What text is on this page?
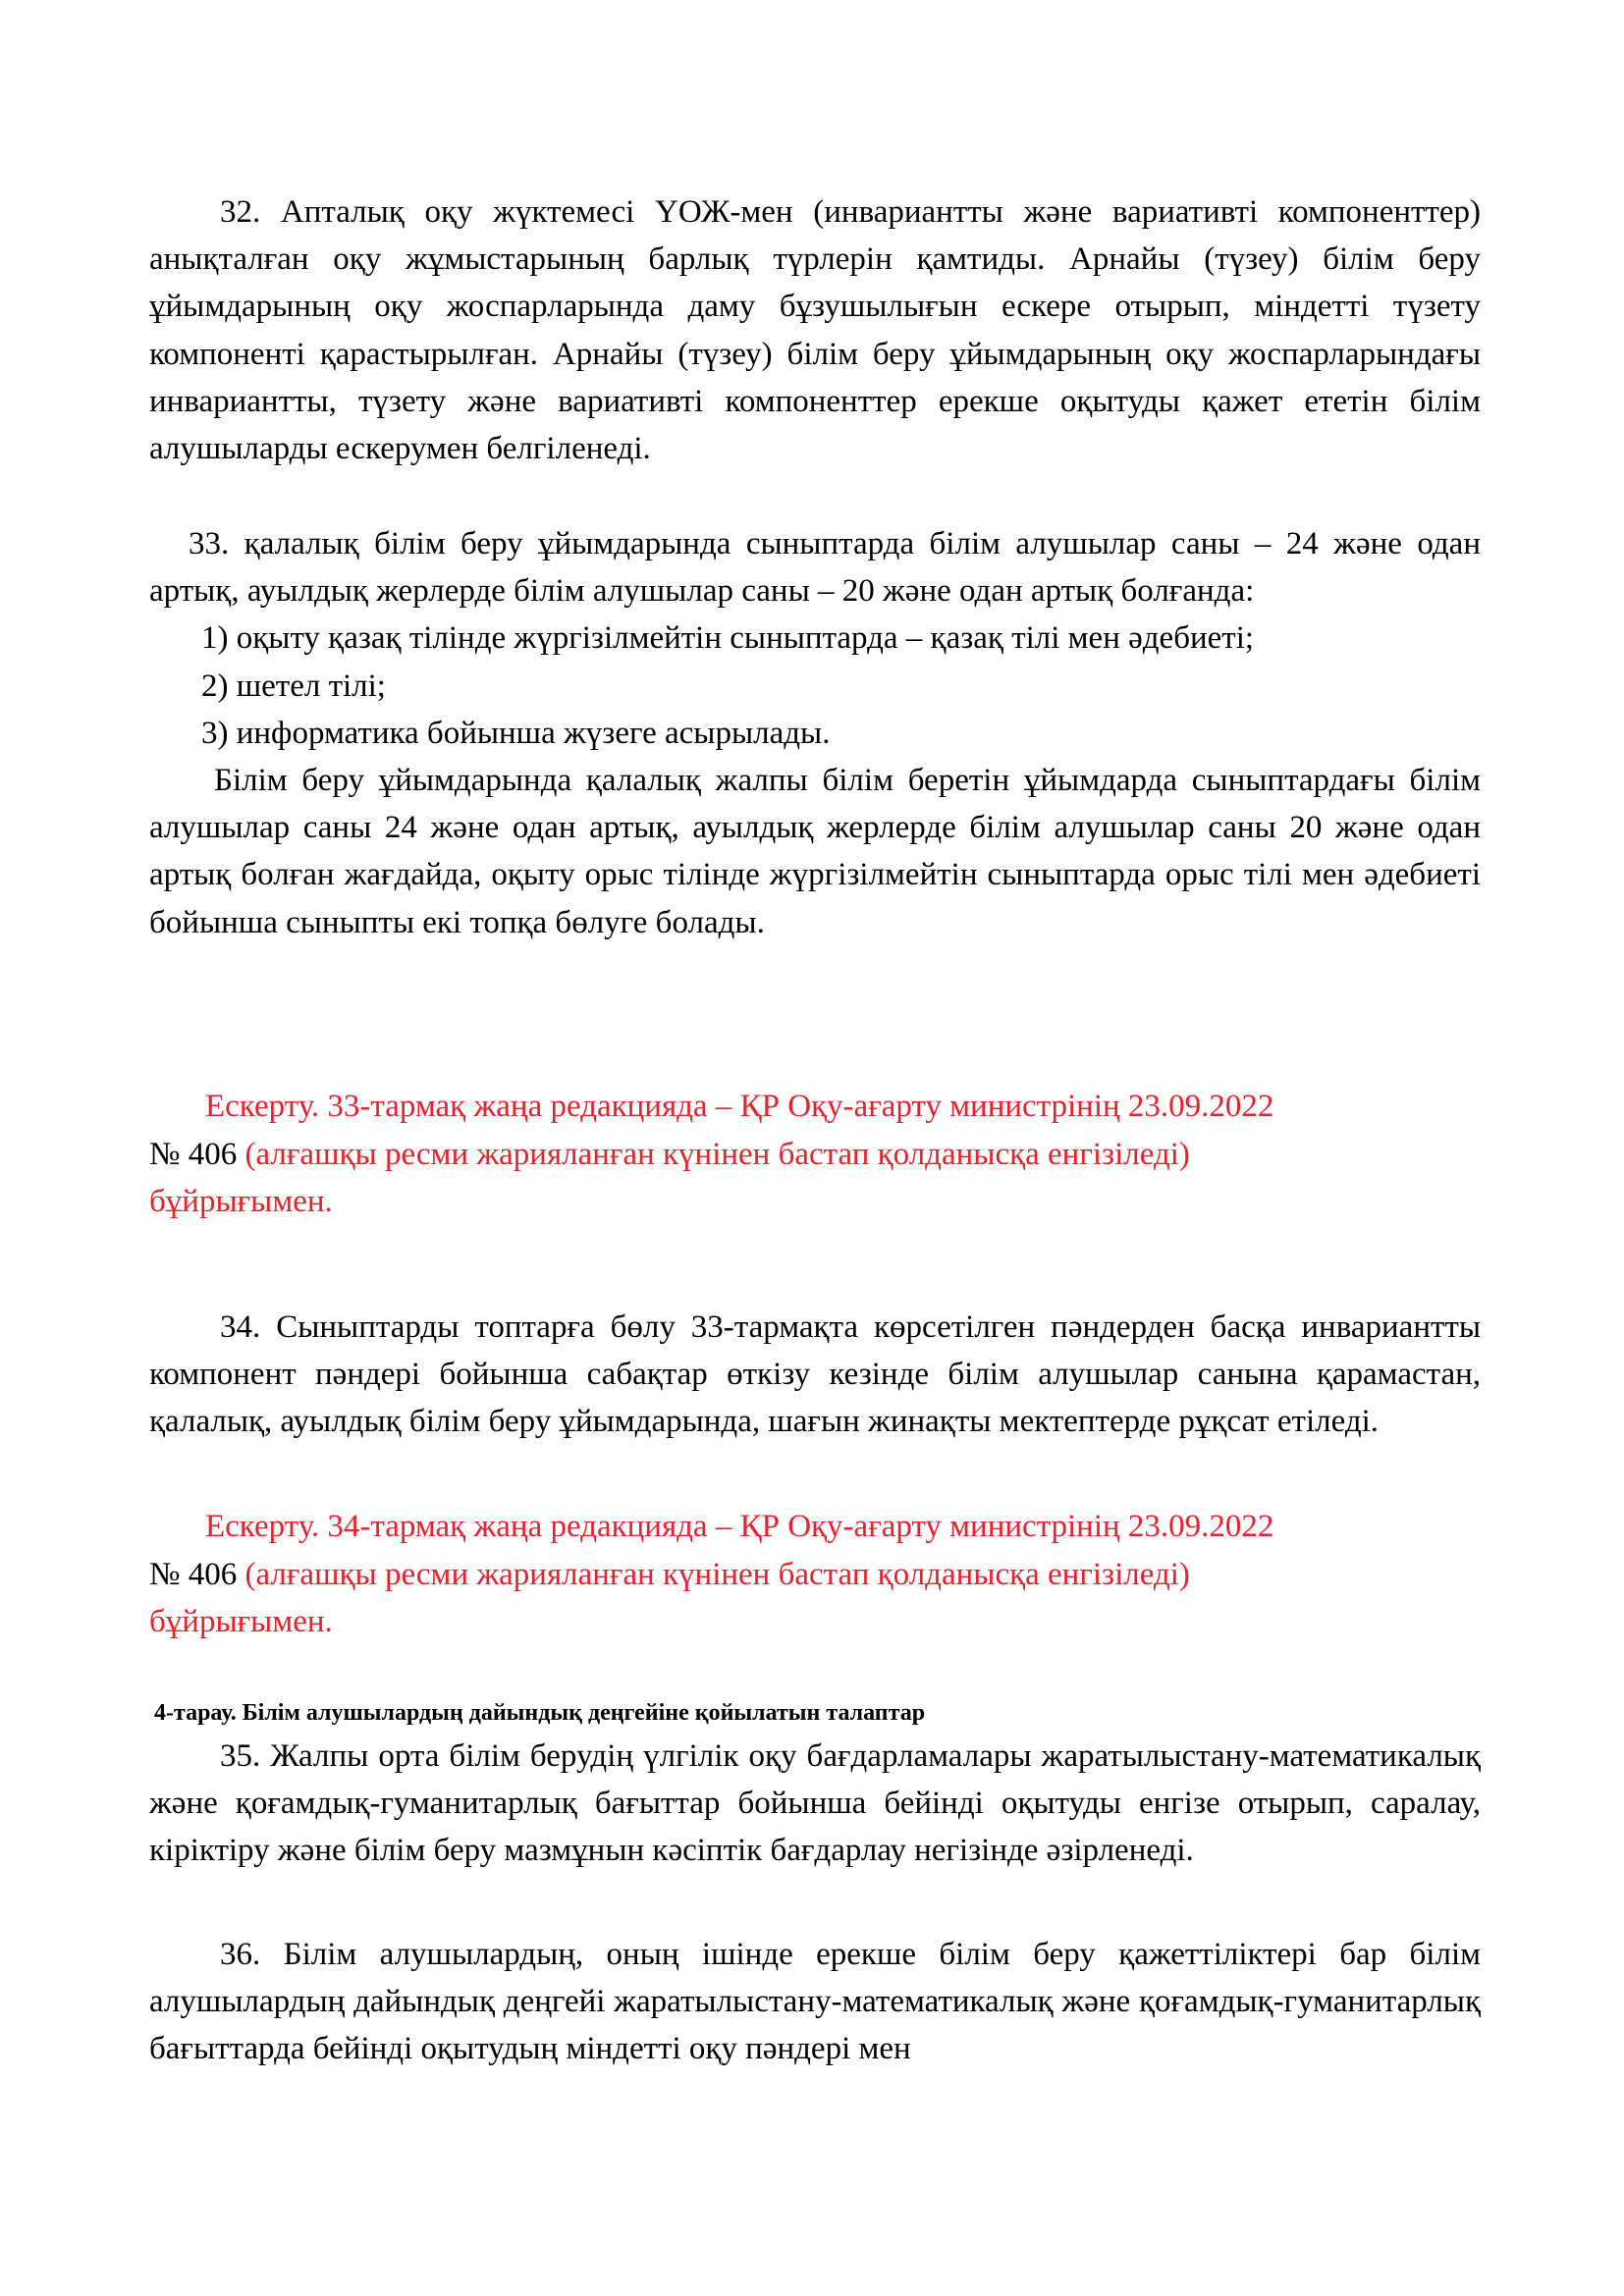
32. Апталық оқу жүктемесі ҮОЖ-мен (инвариантты және вариативті компоненттер) анықталған оқу жұмыстарының барлық түрлерін қамтиды. Арнайы (түзеу) білім беру ұйымдарының оқу жоспарларында даму бұзушылығын ескере отырып, міндетті түзету компоненті қарастырылған. Арнайы (түзеу) білім беру ұйымдарының оқу жоспарларындағы инвариантты, түзету және вариативті компоненттер ерекше оқытуды қажет ететін білім алушыларды ескерумен белгіленеді.

33. қалалық білім беру ұйымдарында сыныптарда білім алушылар саны – 24 және одан артық, ауылдық жерлерде білім алушылар саны – 20 және одан артық болғанда:

1) оқыту қазақ тілінде жүргізілмейтін сыныптарда – қазақ тілі мен әдебиеті;

2) шетел тілі;

3) информатика бойынша жүзеге асырылады.

Білім беру ұйымдарында қалалық жалпы білім беретін ұйымдарда сыныптардағы білім алушылар саны 24 және одан артық, ауылдық жерлерде білім алушылар саны 20 және одан артық болған жағдайда, оқыту орыс тілінде жүргізілмейтін сыныптарда орыс тілі мен әдебиеті бойынша сыныпты екі топқа бөлуге болады.

Ескерту. 33-тармақ жаңа редакцияда – ҚР Оқу-ағарту министрінің 23.09.2022

№ 406 (алғашқы ресми жарияланған күнінен бастап қолданысқа енгізіледі)

бұйрығымен.

34. Сыныптарды топтарға бөлу 33-тармақта көрсетілген пәндерден басқа инвариантты компонент пәндері бойынша сабақтар өткізу кезінде білім алушылар санына қарамастан, қалалық, ауылдық білім беру ұйымдарында, шағын жинақты мектептерде рұқсат етіледі.

Ескерту. 34-тармақ жаңа редакцияда – ҚР Оқу-ағарту министрінің 23.09.2022

№ 406 (алғашқы ресми жарияланған күнінен бастап қолданысқа енгізіледі)

бұйрығымен.

4-тарау. Білім алушылардың дайындық деңгейіне қойылатын талаптар

35. Жалпы орта білім берудің үлгілік оқу бағдарламалары жаратылыстану-математикалық және қоғамдық-гуманитарлық бағыттар бойынша бейінді оқытуды енгізе отырып, саралау, кіріктіру және білім беру мазмұнын кәсіптік бағдарлау негізінде әзірленеді.

36. Білім алушылардың, оның ішінде ерекше білім беру қажеттіліктері бар білім алушылардың дайындық деңгейі жаратылыстану-математикалық және қоғамдық-гуманитарлық бағыттарда бейінді оқытудың міндетті оқу пәндері мен
